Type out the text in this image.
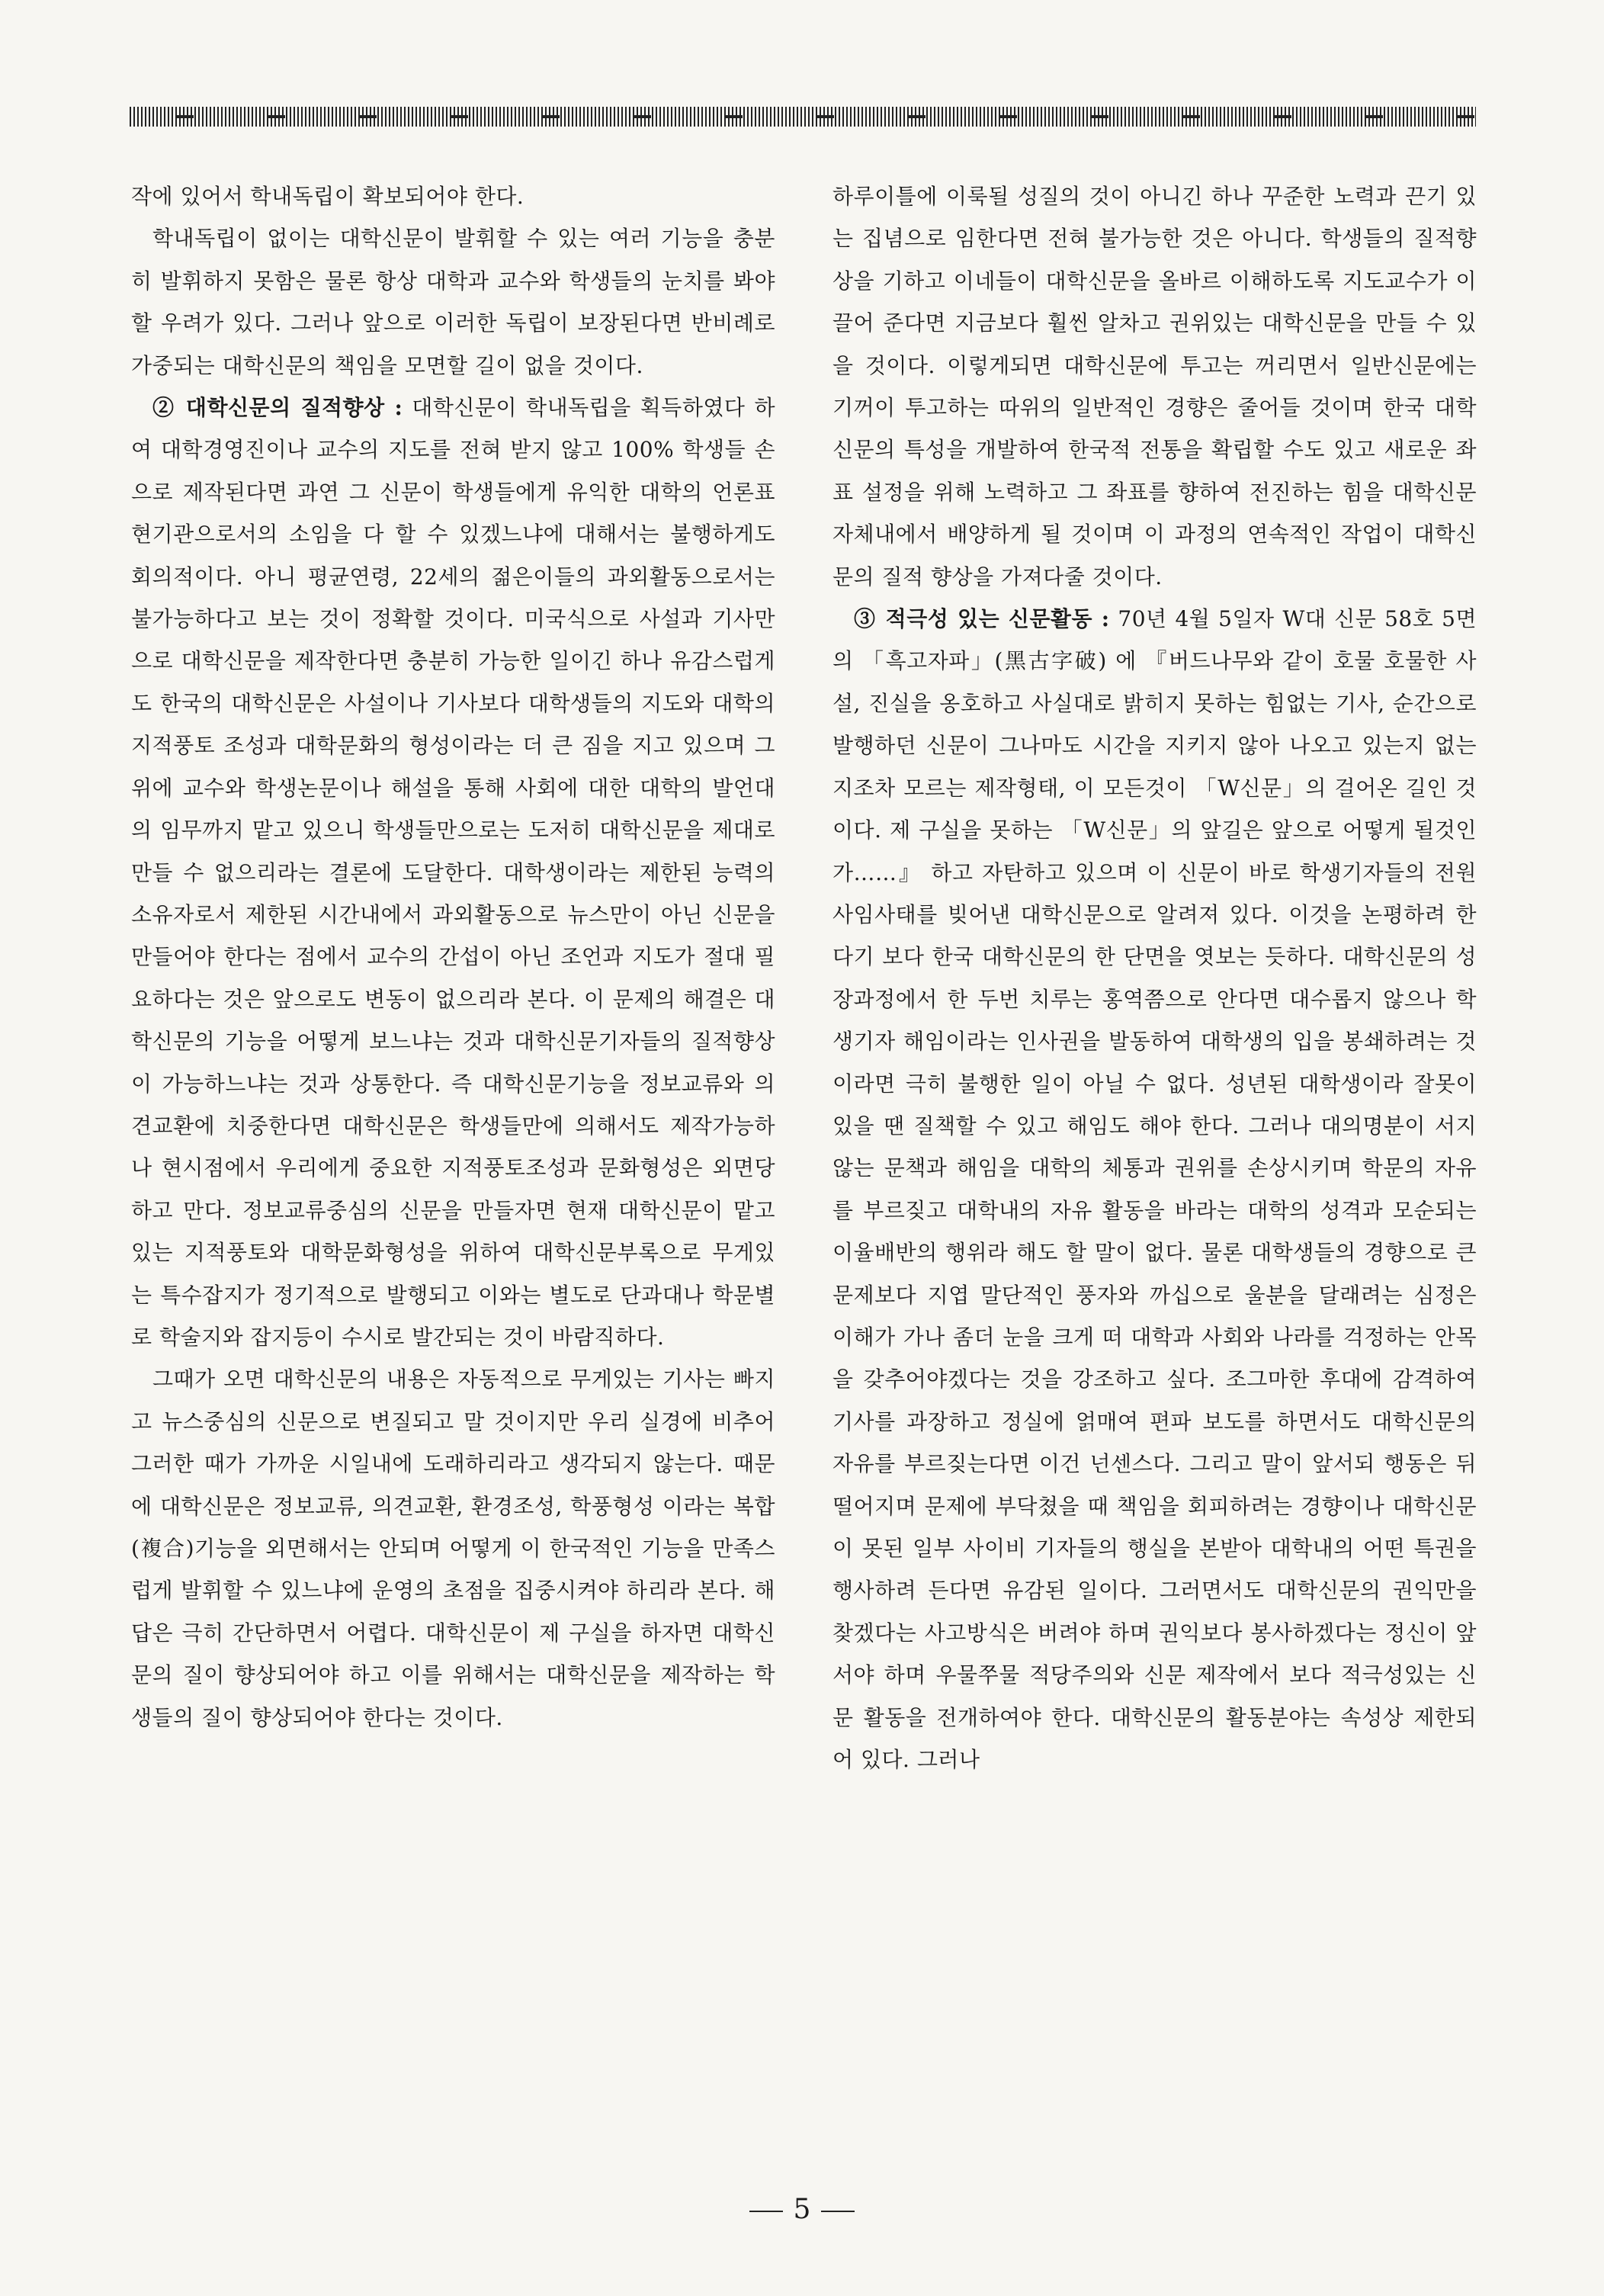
작에 있어서 학내독립이 확보되어야 한다.

학내독립이 없이는 대학신문이 발휘할 수 있는 여러 기능을 충분히 발휘하지 못함은 물론 항상 대학과 교수와 학생들의 눈치를 봐야 할 우려가 있다. 그러나 앞으로 이러한 독립이 보장된다면 반비례로 가중되는 대학신문의 책임을 모면할 길이 없을 것이다.

② 대학신문의 질적향상 : 대학신문이 학내독립을 획득하였다 하여 대학경영진이나 교수의 지도를 전혀 받지 않고 100% 학생들 손으로 제작된다면 과연 그 신문이 학생들에게 유익한 대학의 언론표현기관으로서의 소임을 다 할 수 있겠느냐에 대해서는 불행하게도 회의적이다. 아니 평균연령, 22세의 젊은이들의 과외활동으로서는 불가능하다고 보는 것이 정확할 것이다. 미국식으로 사설과 기사만으로 대학신문을 제작한다면 충분히 가능한 일이긴 하나 유감스럽게도 한국의 대학신문은 사설이나 기사보다 대학생들의 지도와 대학의 지적풍토 조성과 대학문화의 형성이라는 더 큰 짐을 지고 있으며 그위에 교수와 학생논문이나 해설을 통해 사회에 대한 대학의 발언대의 임무까지 맡고 있으니 학생들만으로는 도저히 대학신문을 제대로 만들 수 없으리라는 결론에 도달한다. 대학생이라는 제한된 능력의 소유자로서 제한된 시간내에서 과외활동으로 뉴스만이 아닌 신문을 만들어야 한다는 점에서 교수의 간섭이 아닌 조언과 지도가 절대 필요하다는 것은 앞으로도 변동이 없으리라 본다. 이 문제의 해결은 대학신문의 기능을 어떻게 보느냐는 것과 대학신문기자들의 질적향상이 가능하느냐는 것과 상통한다. 즉 대학신문기능을 정보교류와 의견교환에 치중한다면 대학신문은 학생들만에 의해서도 제작가능하나 현시점에서 우리에게 중요한 지적풍토조성과 문화형성은 외면당하고 만다. 정보교류중심의 신문을 만들자면 현재 대학신문이 맡고 있는 지적풍토와 대학문화형성을 위하여 대학신문부록으로 무게있는 특수잡지가 정기적으로 발행되고 이와는 별도로 단과대나 학문별로 학술지와 잡지등이 수시로 발간되는 것이 바람직하다.

그때가 오면 대학신문의 내용은 자동적으로 무게있는 기사는 빠지고 뉴스중심의 신문으로 변질되고 말 것이지만 우리 실경에 비추어 그러한 때가 가까운 시일내에 도래하리라고 생각되지 않는다. 때문에 대학신문은 정보교류, 의견교환, 환경조성, 학풍형성 이라는 복합(複合)기능을 외면해서는 안되며 어떻게 이 한국적인 기능을 만족스럽게 발휘할 수 있느냐에 운영의 초점을 집중시켜야 하리라 본다. 해답은 극히 간단하면서 어렵다. 대학신문이 제 구실을 하자면 대학신문의 질이 향상되어야 하고 이를 위해서는 대학신문을 제작하는 학생들의 질이 향상되어야 한다는 것이다.

하루이틀에 이룩될 성질의 것이 아니긴 하나 꾸준한 노력과 끈기 있는 집념으로 임한다면 전혀 불가능한 것은 아니다. 학생들의 질적향상을 기하고 이네들이 대학신문을 올바르 이해하도록 지도교수가 이끌어 준다면 지금보다 훨씬 알차고 권위있는 대학신문을 만들 수 있을 것이다. 이렇게되면 대학신문에 투고는 꺼리면서 일반신문에는 기꺼이 투고하는 따위의 일반적인 경향은 줄어들 것이며 한국 대학신문의 특성을 개발하여 한국적 전통을 확립할 수도 있고 새로운 좌표 설정을 위해 노력하고 그 좌표를 향하여 전진하는 힘을 대학신문 자체내에서 배양하게 될 것이며 이 과정의 연속적인 작업이 대학신문의 질적 향상을 가져다줄 것이다.

③ 적극성 있는 신문활동 : 70년 4월 5일자 W대 신문 58호 5면의 「흑고자파」(黑古字破) 에 『버드나무와 같이 호물 호물한 사설, 진실을 옹호하고 사실대로 밝히지 못하는 힘없는 기사, 순간으로 발행하던 신문이 그나마도 시간을 지키지 않아 나오고 있는지 없는지조차 모르는 제작형태, 이 모든것이 「W신문」의 걸어온 길인 것이다. 제 구실을 못하는 「W신문」의 앞길은 앞으로 어떻게 될것인가……』 하고 자탄하고 있으며 이 신문이 바로 학생기자들의 전원 사임사태를 빚어낸 대학신문으로 알려져 있다. 이것을 논평하려 한다기 보다 한국 대학신문의 한 단면을 엿보는 듯하다. 대학신문의 성장과정에서 한 두번 치루는 홍역쯤으로 안다면 대수롭지 않으나 학생기자 해임이라는 인사권을 발동하여 대학생의 입을 봉쇄하려는 것이라면 극히 불행한 일이 아닐 수 없다. 성년된 대학생이라 잘못이 있을 땐 질책할 수 있고 해임도 해야 한다. 그러나 대의명분이 서지 않는 문책과 해임을 대학의 체통과 권위를 손상시키며 학문의 자유를 부르짖고 대학내의 자유 활동을 바라는 대학의 성격과 모순되는 이율배반의 행위라 해도 할 말이 없다. 물론 대학생들의 경향으로 큰 문제보다 지엽 말단적인 풍자와 까십으로 울분을 달래려는 심정은 이해가 가나 좀더 눈을 크게 떠 대학과 사회와 나라를 걱정하는 안목을 갖추어야겠다는 것을 강조하고 싶다. 조그마한 후대에 감격하여 기사를 과장하고 정실에 얽매여 편파 보도를 하면서도 대학신문의 자유를 부르짖는다면 이건 넌센스다. 그리고 말이 앞서되 행동은 뒤떨어지며 문제에 부닥쳤을 때 책임을 회피하려는 경향이나 대학신문이 못된 일부 사이비 기자들의 행실을 본받아 대학내의 어떤 특권을 행사하려 든다면 유감된 일이다. 그러면서도 대학신문의 권익만을 찾겠다는 사고방식은 버려야 하며 권익보다 봉사하겠다는 정신이 앞서야 하며 우물쭈물 적당주의와 신문 제작에서 보다 적극성있는 신문 활동을 전개하여야 한다. 대학신문의 활동분야는 속성상 제한되어 있다. 그러나

5
